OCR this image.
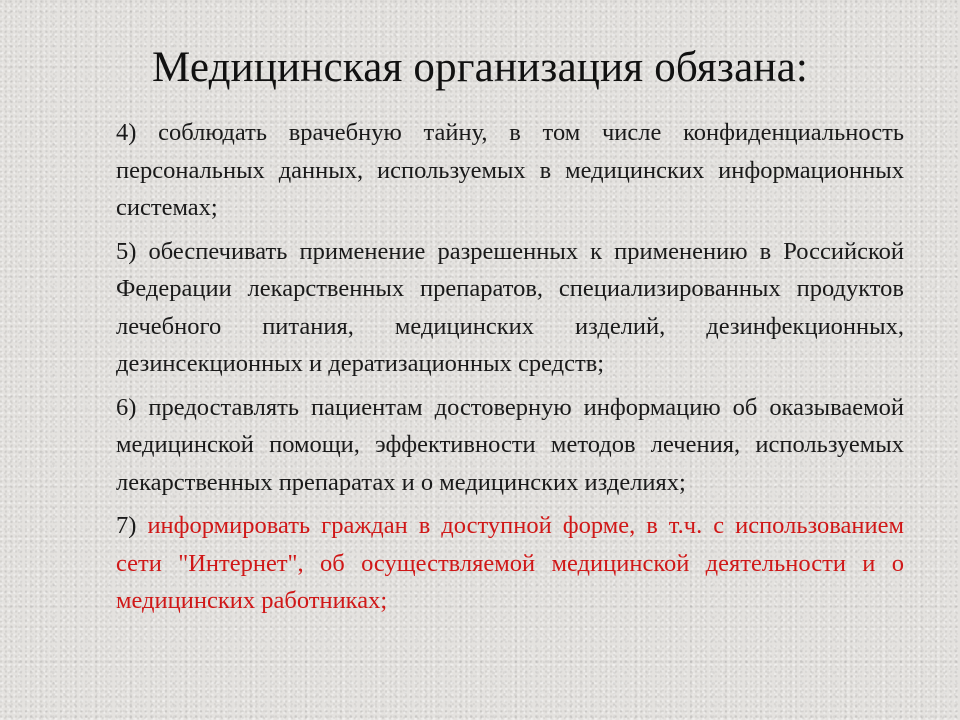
Медицинская организация обязана:

4) соблюдать врачебную тайну, в том числе конфиденциальность персональных данных, используемых в медицинских информационных системах;

5) обеспечивать применение разрешенных к применению в Российской Федерации лекарственных препаратов, специализированных продуктов лечебного питания, медицинских изделий, дезинфекционных, дезинсекционных и дератизационных средств;

6) предоставлять пациентам достоверную информацию об оказываемой медицинской помощи, эффективности методов лечения, используемых лекарственных препаратах и о медицинских изделиях;

7) информировать граждан в доступной форме, в т.ч. с использованием сети "Интернет", об осуществляемой медицинской деятельности и о медицинских работниках;
